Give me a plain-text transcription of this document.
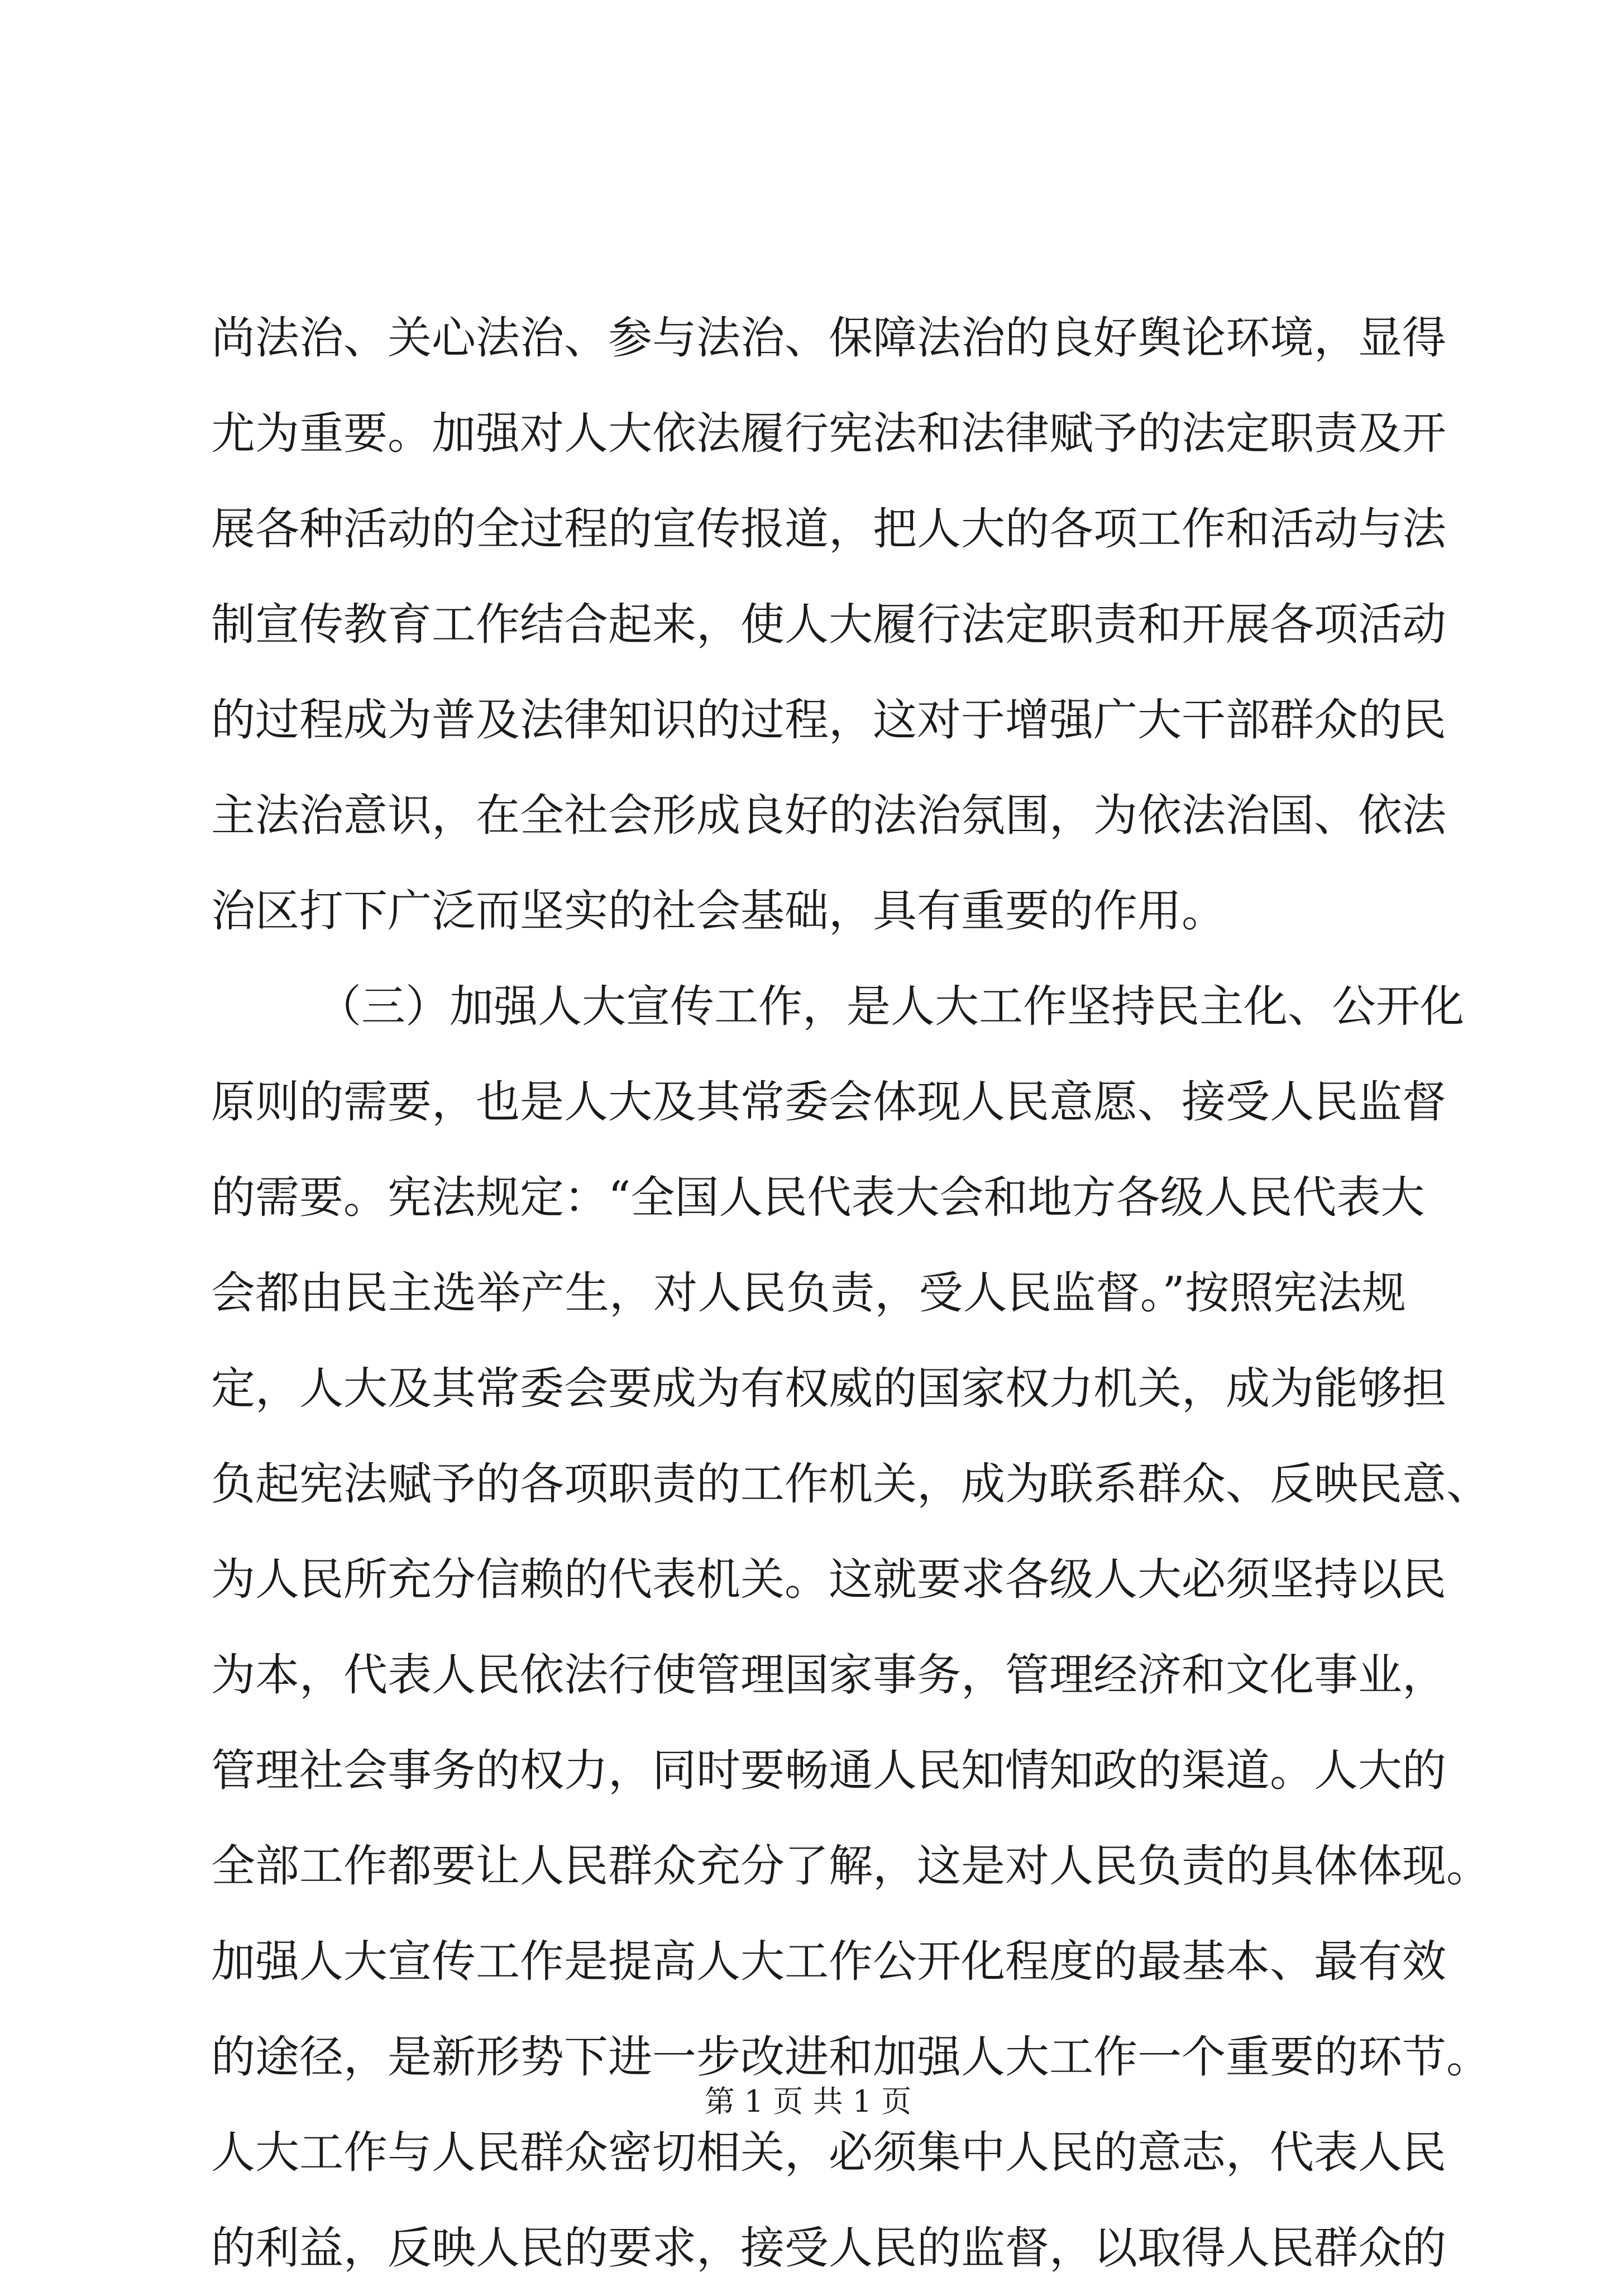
尚法治、关心法治、参与法治、保障法治的良好舆论环境，显得
尤为重要。加强对人大依法履行宪法和法律赋予的法定职责及开
展各种活动的全过程的宣传报道，把人大的各项工作和活动与法
制宣传教育工作结合起来，使人大履行法定职责和开展各项活动
的过程成为普及法律知识的过程，这对于增强广大干部群众的民
主法治意识，在全社会形成良好的法治氛围，为依法治国、依法
治区打下广泛而坚实的社会基础，具有重要的作用。
（三）加强人大宣传工作，是人大工作坚持民主化、公开化
原则的需要，也是人大及其常委会体现人民意愿、接受人民监督
的需要。宪法规定：“全国人民代表大会和地方各级人民代表大
会都由民主选举产生，对人民负责，受人民监督。”按照宪法规
定，人大及其常委会要成为有权威的国家权力机关，成为能够担
负起宪法赋予的各项职责的工作机关，成为联系群众、反映民意、
为人民所充分信赖的代表机关。这就要求各级人大必须坚持以民
为本，代表人民依法行使管理国家事务，管理经济和文化事业，
管理社会事务的权力，同时要畅通人民知情知政的渠道。人大的
全部工作都要让人民群众充分了解，这是对人民负责的具体体现。
加强人大宣传工作是提高人大工作公开化程度的最基本、最有效
的途径，是新形势下进一步改进和加强人大工作一个重要的环节。
人大工作与人民群众密切相关，必须集中人民的意志，代表人民
的利益，反映人民的要求，接受人民的监督，以取得人民群众的
第 1 页 共 1 页
